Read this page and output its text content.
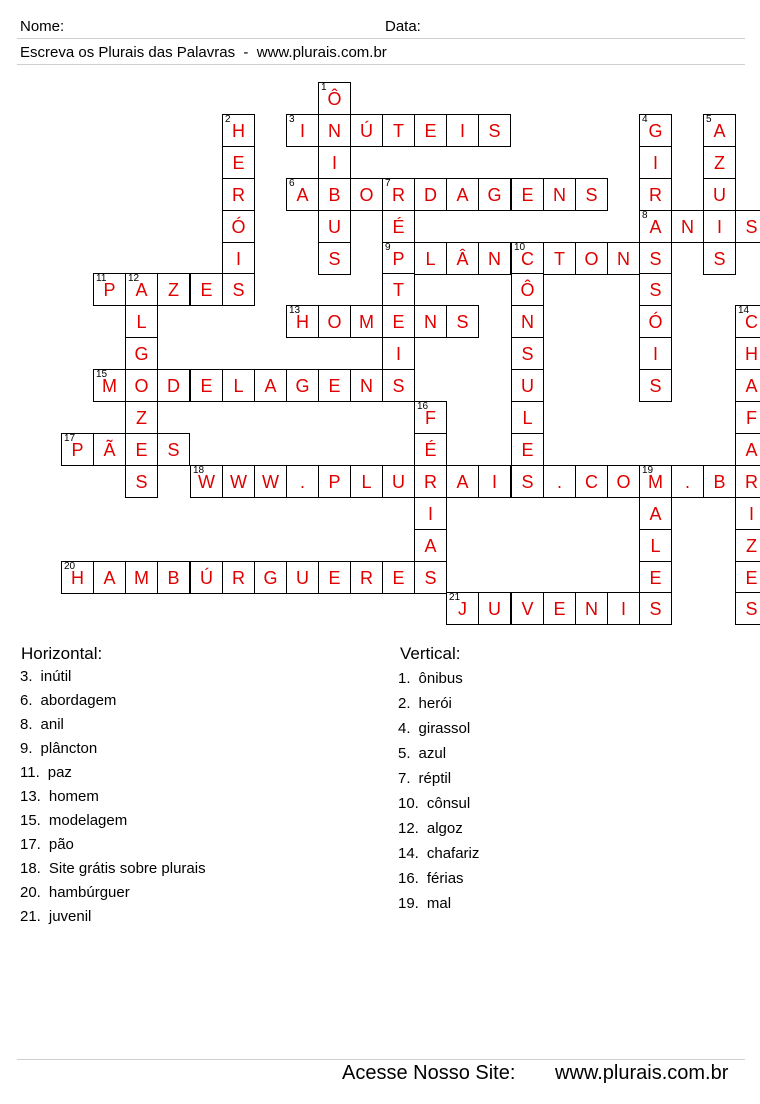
Nome:	Data:
Escreva os Plurais das Palavras  -  www.plurais.com.br
1
Ô
N
I
B
U
S
2
H
E
R
Ó
I
S
3
I	Ú	T	E	I	S
4
G
I
R
8
A
S
S
Ó
I
S
5
A
Z
U
I
S
6
A	O
7
R	D	A	G	E	N	S
É
9
P
T
E
I
S
N	S
L	Â	N
10
C	T	O	N
Ô
N
S
U
L
E
S
11
P
12
A	Z	E
L
G
O
Z
E
S
13
H	O M	N	S
14
C
H
A
F
A
R
I
Z
E
S
15
M	D	E	L	A	G	E	N
16
F
É
R
I
A
S
17
P	Ã	S
18
W W W	.	P	L	U	A	I	.	C	O
19
M	.	B
A
L
E
S
20
H	A	M	B	Ú	R	G	U	E	R	E
21
J	U	V	E	N	I
Horizontal:
3. inútil
6. abordagem
8. anil
9. plâncton
11. paz
13. homem
15. modelagem
17. pão
18. Site grátis sobre plurais
20. hambúrguer
21. juvenil
Vertical:
1. ônibus
2. herói
4. girassol
5. azul
7. réptil
10. cônsul
12. algoz
14. chafariz
16. férias
19. mal
Acesse Nosso Site: www.plurais.com.br
